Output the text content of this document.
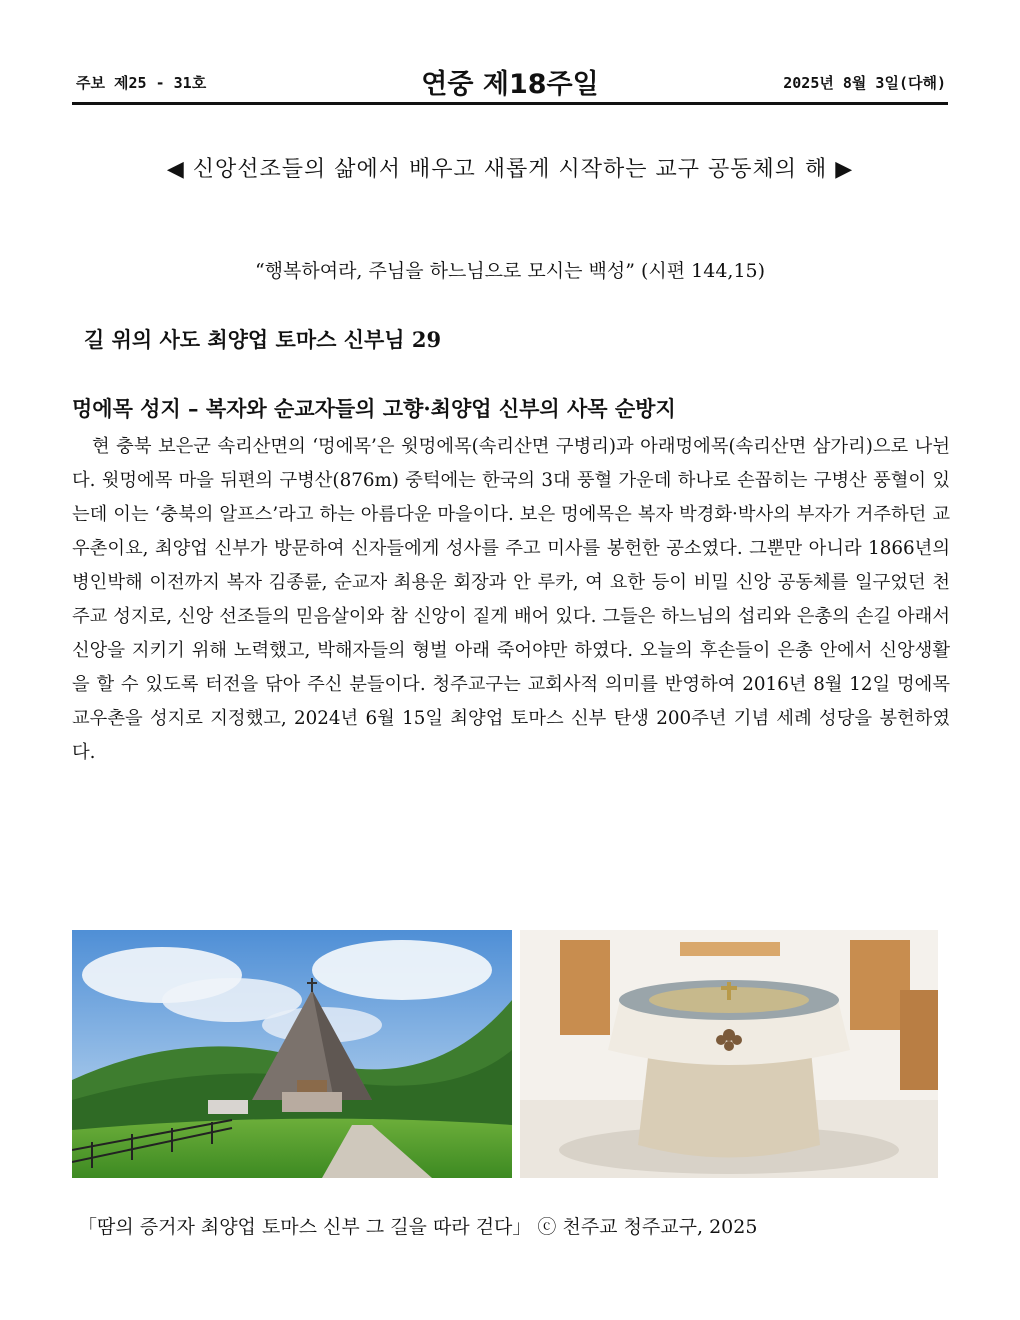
주보 제25 - 31호	연중 제18주일	2025년 8월 3일(다해)
◀ 신앙선조들의 삶에서 배우고 새롭게 시작하는 교구 공동체의 해 ▶
“행복하여라, 주님을 하느님으로 모시는 백성” (시편 144,15)
길 위의 사도 최양업 토마스 신부님 29
멍에목 성지 – 복자와 순교자들의 고향·최양업 신부의 사목 순방지

현 충북 보은군 속리산면의 ‘멍에목’은 윗멍에목(속리산면 구병리)과 아래멍에목(속리산면 삼가리)으로 나뉜다. 윗멍에목 마을 뒤편의 구병산(876m) 중턱에는 한국의 3대 풍혈 가운데 하나로 손꼽히는 구병산 풍혈이 있는데 이는 ‘충북의 알프스’라고 하는 아름다운 마을이다. 보은 멍에목은 복자 박경화·박사의 부자가 거주하던 교우촌이요, 최양업 신부가 방문하여 신자들에게 성사를 주고 미사를 봉헌한 공소였다. 그뿐만 아니라 1866년의 병인박해 이전까지 복자 김종륜, 순교자 최용운 회장과 안 루카, 여 요한 등이 비밀 신앙 공동체를 일구었던 천주교 성지로, 신앙 선조들의 믿음살이와 참 신앙이 짙게 배어 있다. 그들은 하느님의 섭리와 은총의 손길 아래서 신앙을 지키기 위해 노력했고, 박해자들의 형벌 아래 죽어야만 하였다. 오늘의 후손들이 은총 안에서 신앙생활을 할 수 있도록 터전을 닦아 주신 분들이다. 청주교구는 교회사적 의미를 반영하여 2016년 8월 12일 멍에목 교우촌을 성지로 지정했고, 2024년 6월 15일 최양업 토마스 신부 탄생 200주년 기념 세례 성당을 봉헌하였다.

「땀의 증거자 최양업 토마스 신부 그 길을 따라 걷다」 ⓒ 천주교 청주교구, 2025
